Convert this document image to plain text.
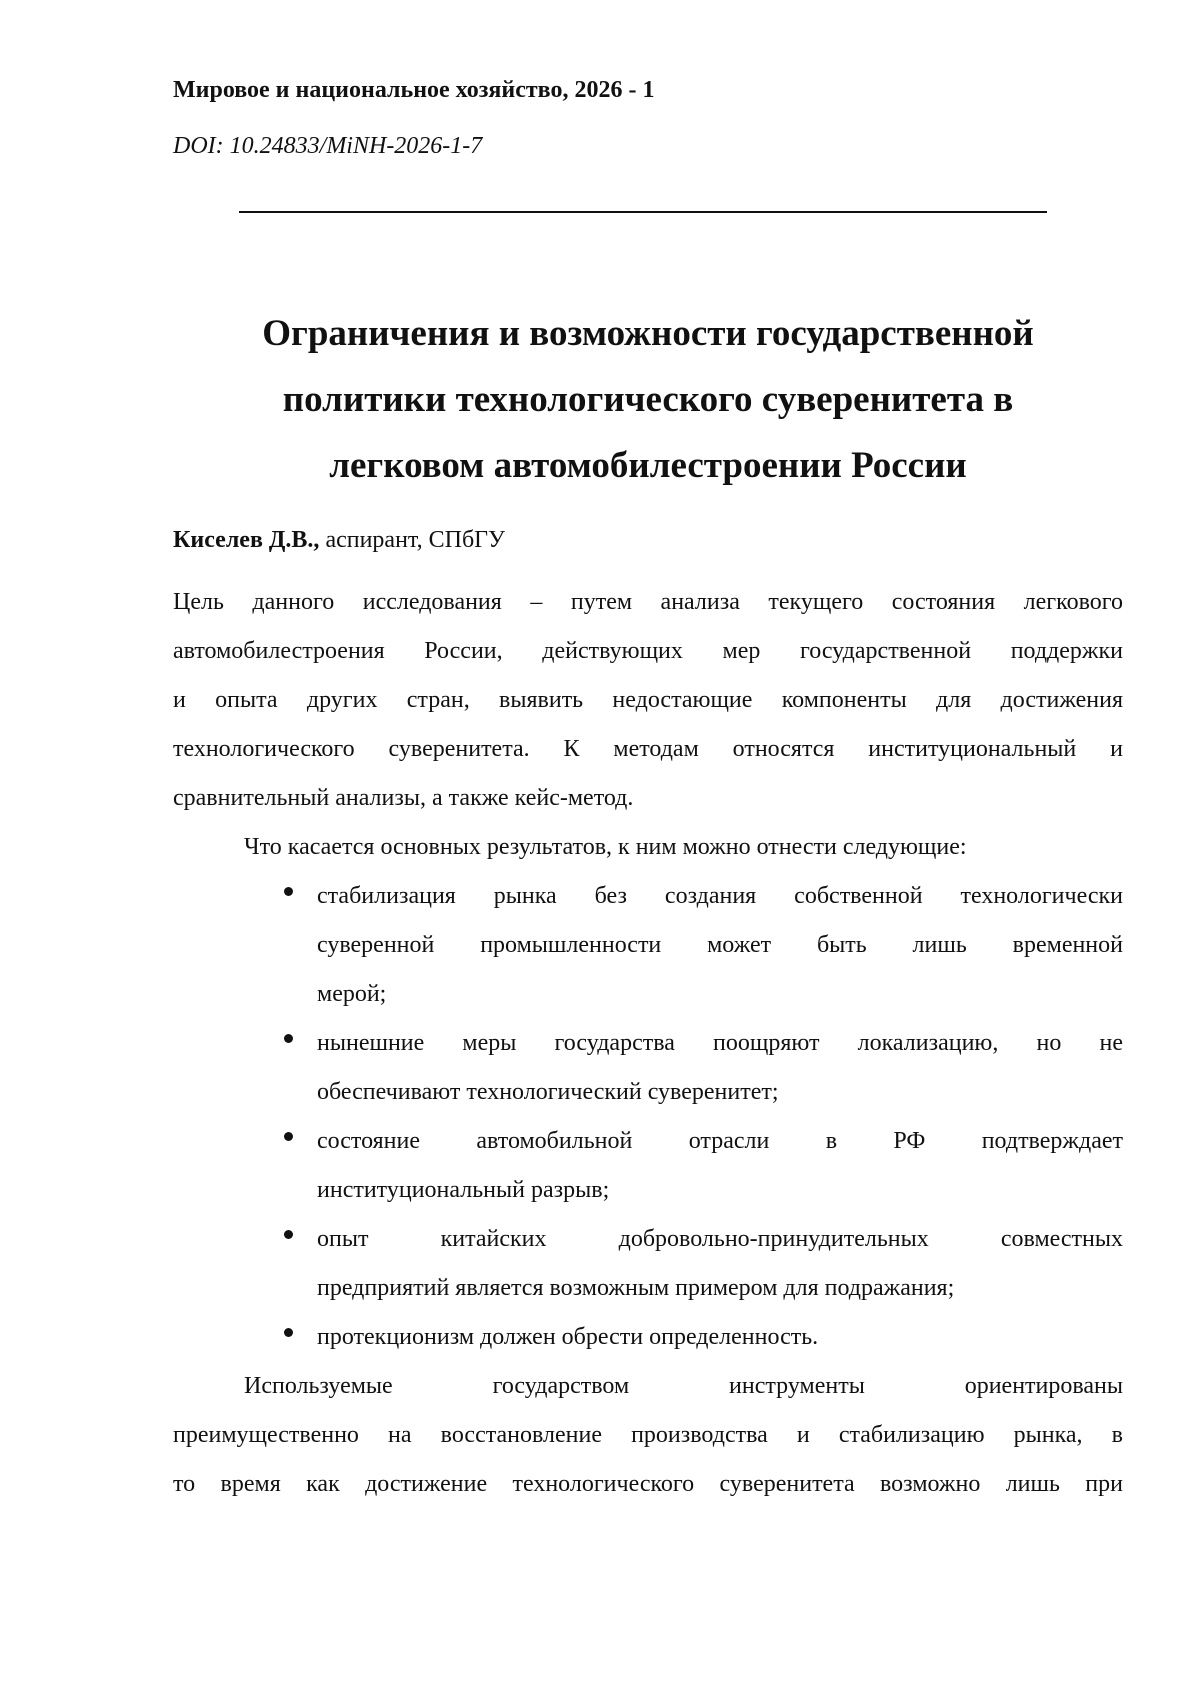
Мировое и национальное хозяйство, 2026 - 1
DOI: 10.24833/MiNH-2026-1-7
Ограничения и возможности государственной
политики технологического суверенитета в
легковом автомобилестроении России
Киселев Д.В., аспирант, СПбГУ
Цель данного исследования – путем анализа текущего состояния легкового
автомобилестроения России, действующих мер государственной поддержки
и опыта других стран, выявить недостающие компоненты для достижения
технологического суверенитета. К методам относятся институциональный и
сравнительный анализы, а также кейс-метод.
Что касается основных результатов, к ним можно отнести следующие:
стабилизация рынка без создания собственной технологически
суверенной промышленности может быть лишь временной
мерой;
нынешние меры государства поощряют локализацию, но не
обеспечивают технологический суверенитет;
состояние автомобильной отрасли в РФ подтверждает
институциональный разрыв;
опыт китайских добровольно-принудительных совместных
предприятий является возможным примером для подражания;
протекционизм должен обрести определенность.
Используемые государством инструменты ориентированы
преимущественно на восстановление производства и стабилизацию рынка, в
то время как достижение технологического суверенитета возможно лишь при
